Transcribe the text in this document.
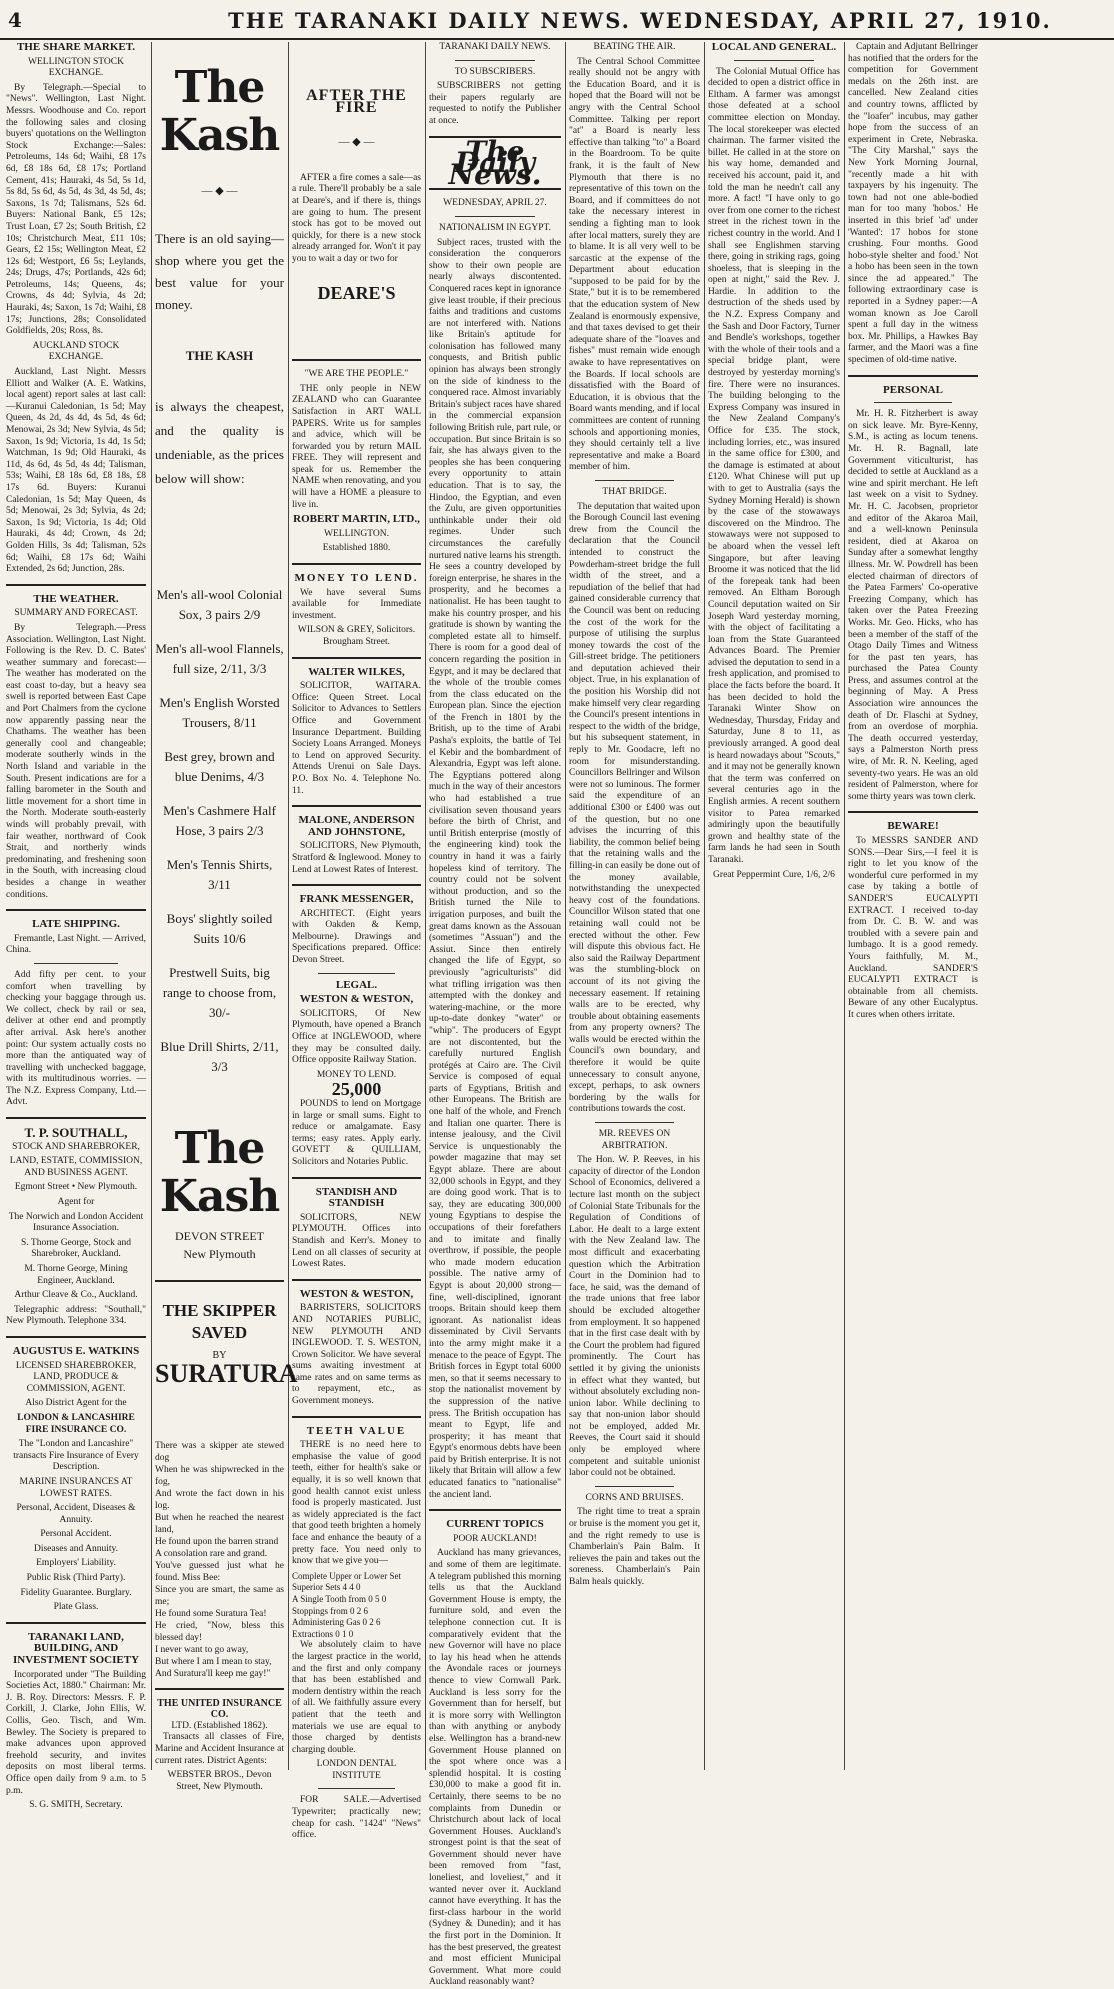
4	THE TARANAKI DAILY NEWS. WEDNESDAY, APRIL 27, 1910.

THE SHARE MARKET.

WELLINGTON STOCK EXCHANGE.

By Telegraph.—Special to "News". Wellington, Last Night. Messrs. Woodhouse and Co. report the following sales and closing buyers' quotations on the Wellington Stock Exchange:—Sales: Petroleums, 14s 6d; Waihi, £8 17s 6d, £8 18s 6d, £8 17s; Portland Cement, 41s; Hauraki, 4s 5d, 5s 1d, 5s 8d, 5s 6d, 4s 5d, 4s 3d, 4s 5d, 4s; Saxons, 1s 7d; Talismans, 52s 6d. Buyers: National Bank, £5 12s; Trust Loan, £7 2s; South British, £2 10s; Christchurch Meat, £11 10s; Gears, £2 15s; Wellington Meat, £2 12s 6d; Westport, £6 5s; Leylands, 24s; Drugs, 47s; Portlands, 42s 6d; Petroleums, 14s; Queens, 4s; Crowns, 4s 4d; Sylvia, 4s 2d; Hauraki, 4s; Saxon, 1s 7d; Waihi, £8 17s; Junctions, 28s; Consolidated Goldfields, 20s; Ross, 8s.

AUCKLAND STOCK EXCHANGE.

Auckland, Last Night. Messrs Elliott and Walker (A. E. Watkins, local agent) report sales at last call:—Kuranui Caledonian, 1s 5d; May Queen, 4s 2d, 4s 4d, 4s 5d, 4s 6d; Menowai, 2s 3d; New Sylvia, 4s 5d; Saxon, 1s 9d; Victoria, 1s 4d, 1s 5d; Watchman, 1s 9d; Old Hauraki, 4s 11d, 4s 6d, 4s 5d, 4s 4d; Talisman, 53s; Waihi, £8 18s 6d, £8 18s, £8 17s 6d. Buyers: Kuranui Caledonian, 1s 5d; May Queen, 4s 5d; Menowai, 2s 3d; Sylvia, 4s 2d; Saxon, 1s 9d; Victoria, 1s 4d; Old Hauraki, 4s 4d; Crown, 4s 2d; Golden Hills, 3s 4d; Talisman, 52s 6d; Waihi, £8 17s 6d; Waihi Extended, 2s 6d; Junction, 28s.

THE WEATHER.

SUMMARY AND FORECAST.

By Telegraph.—Press Association. Wellington, Last Night. Following is the Rev. D. C. Bates' weather summary and forecast:—The weather has moderated on the east coast to-day, but a heavy sea swell is reported between East Cape and Port Chalmers from the cyclone now apparently passing near the Chathams. The weather has been generally cool and changeable; moderate southerly winds in the North Island and variable in the South. Present indications are for a falling barometer in the South and little movement for a short time in the North. Moderate south-easterly winds will probably prevail, with fair weather, northward of Cook Strait, and northerly winds predominating, and freshening soon in the South, with increasing cloud besides a change in weather conditions.

LATE SHIPPING.

Fremantle, Last Night. — Arrived, China.

Add fifty per cent. to your comfort when travelling by checking your baggage through us. We collect, check by rail or sea, deliver at other end and promptly after arrival. Ask here's another point: Our system actually costs no more than the antiquated way of travelling with unchecked baggage, with its multitudinous worries. — The N.Z. Express Company, Ltd.—Advt.

T. P. SOUTHALL,

STOCK AND SHAREBROKER,

LAND, ESTATE, COMMISSION, AND BUSINESS AGENT.

Egmont Street • New Plymouth.

Agent for

The Norwich and London Accident Insurance Association.

S. Thorne George, Stock and Sharebroker, Auckland.

M. Thorne George, Mining Engineer, Auckland.

Arthur Cleave & Co., Auckland.

Telegraphic address: "Southall," New Plymouth. Telephone 334.

AUGUSTUS E. WATKINS

LICENSED SHAREBROKER, LAND, PRODUCE & COMMISSION, AGENT.

Also District Agent for the

LONDON & LANCASHIRE FIRE INSURANCE CO.

The "London and Lancashire" transacts Fire Insurance of Every Description.

MARINE INSURANCES AT LOWEST RATES.

Personal, Accident, Diseases & Annuity.

Personal Accident.

Diseases and Annuity.

Employers' Liability.

Public Risk (Third Party).

Fidelity Guarantee. Burglary.

Plate Glass.

TARANAKI LAND, BUILDING, AND INVESTMENT SOCIETY

Incorporated under "The Building Societies Act, 1880." Chairman: Mr. J. B. Roy. Directors: Messrs. F. P. Corkill, J. Clarke, John Ellis, W. Collis, Geo. Tisch, and Wm. Bewley. The Society is prepared to make advances upon approved freehold security, and invites deposits on most liberal terms. Office open daily from 9 a.m. to 5 p.m.

S. G. SMITH, Secretary.

The Kash
— ◆ —
There is an old saying— shop where you get the best value for your money.
THE KASH
is always the cheapest, and the quality is undeniable, as the prices below will show:
Men's all-wool Colonial Sox, 3 pairs 2/9
Men's all-wool Flannels, full size, 2/11, 3/3
Men's English Worsted Trousers, 8/11
Best grey, brown and blue Denims, 4/3
Men's Cashmere Half Hose, 3 pairs 2/3
Men's Tennis Shirts, 3/11
Boys' slightly soiled Suits 10/6
Prestwell Suits, big range to choose from, 30/-
Blue Drill Shirts, 2/11, 3/3
The Kash
DEVON STREET
New Plymouth
THE SKIPPER SAVED
BY
SURATURA
There was a skipper ate stewed dog
When he was shipwrecked in the fog,
And wrote the fact down in his log.
But when he reached the nearest land,
He found upon the barren strand
A consolation rare and grand.
You've guessed just what he found. Miss Bee:
Since you are smart, the same as me;
He found some Suratura Tea!
He cried, "Now, bless this blessed day!
I never want to go away,
But where I am I mean to stay,
And Suratura'll keep me gay!"
THE UNITED INSURANCE CO.
LTD. (Established 1862).

Transacts all classes of Fire, Marine and Accident Insurance at current rates. District Agents:

WEBSTER BROS., Devon Street, New Plymouth.
AFTER THE FIRE
— ◆ —

AFTER a fire comes a sale—as a rule. There'll probably be a sale at Deare's, and if there is, things are going to hum. The present stock has got to be moved out quickly, for there is a new stock already arranged for. Won't it pay you to wait a day or two for

DEARE'S

"WE ARE THE PEOPLE."

THE only people in NEW ZEALAND who can Guarantee Satisfaction in ART WALL PAPERS. Write us for samples and advice, which will be forwarded you by return MAIL FREE. They will represent and speak for us. Remember the NAME when renovating, and you will have a HOME a pleasure to live in.

ROBERT MARTIN, LTD.,

WELLINGTON.

Established 1880.

MONEY TO LEND.

We have several Sums available for Immediate investment.

WILSON & GREY, Solicitors. Brougham Street.

WALTER WILKES,

SOLICITOR, WAITARA. Office: Queen Street. Local Solicitor to Advances to Settlers Office and Government Insurance Department. Building Society Loans Arranged. Moneys to Lend on approved Security. Attends Urenui on Sale Days. P.O. Box No. 4. Telephone No. 11.

MALONE, ANDERSON AND JOHNSTONE,

SOLICITORS, New Plymouth, Stratford & Inglewood. Money to Lend at Lowest Rates of Interest.

FRANK MESSENGER,

ARCHITECT. (Eight years with Oakden & Kemp, Melbourne). Drawings and Specifications prepared. Office: Devon Street.

LEGAL.

WESTON & WESTON,

SOLICITORS, Of New Plymouth, have opened a Branch Office at INGLEWOOD, where they may be consulted daily. Office opposite Railway Station.

MONEY TO LEND.

25,000

POUNDS to lend on Mortgage in large or small sums. Eight to reduce or amalgamate. Easy terms; easy rates. Apply early. GOVETT & QUILLIAM, Solicitors and Notaries Public.

STANDISH AND STANDISH

SOLICITORS, NEW PLYMOUTH. Offices into Standish and Kerr's. Money to Lend on all classes of security at Lowest Rates.

WESTON & WESTON,

BARRISTERS, SOLICITORS AND NOTARIES PUBLIC, NEW PLYMOUTH AND INGLEWOOD. T. S. WESTON, Crown Solicitor. We have several sums awaiting investment at same rates and on same terms as to repayment, etc., as Government moneys.

TEETH VALUE

THERE is no need here to emphasise the value of good teeth, either for health's sake or equally, it is so well known that good health cannot exist unless food is properly masticated. Just as widely appreciated is the fact that good teeth brighten a homely face and enhance the beauty of a pretty face. You need only to know that we give you—

Complete Upper or Lower Set
Superior Sets 4 4 0
A Single Tooth from 0 5 0
Stoppings from 0 2 6
Administering Gas 0 2 6
Extractions 0 1 0

We absolutely claim to have the largest practice in the world, and the first and only company that has been established and modern dentistry within the reach of all. We faithfully assure every patient that the teeth and materials we use are equal to those charged by dentists charging double.

LONDON DENTAL INSTITUTE

FOR SALE.—Advertised Typewriter; practically new; cheap for cash. "1424" "News" office.

TARANAKI DAILY NEWS.

TO SUBSCRIBERS.

SUBSCRIBERS not getting their papers regularly are requested to notify the Publisher at once.

The Daily News.

WEDNESDAY, APRIL 27.

NATIONALISM IN EGYPT.

Subject races, trusted with the consideration the conquerors show to their own people are nearly always discontented. Conquered races kept in ignorance give least trouble, if their precious faiths and traditions and customs are not interfered with. Nations like Britain's aptitude for colonisation has followed many conquests, and British public opinion has always been strongly on the side of kindness to the conquered race. Almost invariably Britain's subject races have shared in the commercial expansion following British rule, part rule, or occupation. But since Britain is so fair, she has always given to the peoples she has been conquering every opportunity to attain education. That is to say, the Hindoo, the Egyptian, and even the Zulu, are given opportunities unthinkable under their old regimes. Under such circumstances the carefully nurtured native learns his strength. He sees a country developed by foreign enterprise, he shares in the prosperity, and he becomes a nationalist. He has been taught to make his country prosper, and his gratitude is shown by wanting the completed estate all to himself. There is room for a good deal of concern regarding the position in Egypt, and it may be declared that the whole of the trouble comes from the class educated on the European plan. Since the ejection of the French in 1801 by the British, up to the time of Arabi Pasha's exploits, the battle of Tel el Kebir and the bombardment of Alexandria, Egypt was left alone. The Egyptians pottered along much in the way of their ancestors who had established a true civilisation seven thousand years before the birth of Christ, and until British enterprise (mostly of the engineering kind) took the country in hand it was a fairly hopeless kind of territory. The country could not be solvent without production, and so the British turned the Nile to irrigation purposes, and built the great dams known as the Assouan (sometimes "Assuan") and the Assiut. Since then entirely changed the life of Egypt, so previously "agriculturists" did what trifling irrigation was then attempted with the donkey and watering-machine, or the more up-to-date donkey "water" or "whip". The producers of Egypt are not discontented, but the carefully nurtured English protégés at Cairo are. The Civil Service is composed of equal parts of Egyptians, British and other Europeans. The British are one half of the whole, and French and Italian one quarter. There is intense jealousy, and the Civil Service is unquestionably the powder magazine that may set Egypt ablaze. There are about 32,000 schools in Egypt, and they are doing good work. That is to say, they are educating 300,000 young Egyptians to despise the occupations of their forefathers and to imitate and finally overthrow, if possible, the people who made modern education possible. The native army of Egypt is about 20,000 strong—fine, well-disciplined, ignorant troops. Britain should keep them ignorant. As nationalist ideas disseminated by Civil Servants into the army might make it a menace to the peace of Egypt. The British forces in Egypt total 6000 men, so that it seems necessary to stop the nationalist movement by the suppression of the native press. The British occupation has meant to Egypt, life and prosperity; it has meant that Egypt's enormous debts have been paid by British enterprise. It is not likely that Britain will allow a few educated fanatics to "nationalise" the ancient land.

CURRENT TOPICS

POOR AUCKLAND!

Auckland has many grievances, and some of them are legitimate. A telegram published this morning tells us that the Auckland Government House is empty, the furniture sold, and even the telephone connection cut. It is comparatively evident that the new Governor will have no place to lay his head when he attends the Avondale races or journeys thence to view Cornwall Park. Auckland is less sorry for the Government than for herself, but it is more sorry with Wellington than with anything or anybody else. Wellington has a brand-new Government House planned on the spot where once was a splendid hospital. It is costing £30,000 to make a good fit in. Certainly, there seems to be no complaints from Dunedin or Christchurch about lack of local Government Houses. Auckland's strongest point is that the seat of Government should never have been removed from "fast, loneliest, and loveliest," and it wanted never over it. Auckland cannot have everything. It has the first-class harbour in the world (Sydney & Dunedin); and it has the first port in the Dominion. It has the best preserved, the greatest and most efficient Municipal Government. What more could Auckland reasonably want?

BEATING THE AIR.

The Central School Committee really should not be angry with the Education Board, and it is hoped that the Board will not be angry with the Central School Committee. Talking per report "at" a Board is nearly less effective than talking "to" a Board in the Boardroom. To be quite frank, it is the fault of New Plymouth that there is no representative of this town on the Board, and if committees do not take the necessary interest in sending a fighting man to look after local matters, surely they are to blame. It is all very well to be sarcastic at the expense of the Department about education "supposed to be paid for by the State," but it is to be remembered that the education system of New Zealand is enormously expensive, and that taxes devised to get their adequate share of the "loaves and fishes" must remain wide enough awake to have representatives on the Boards. If local schools are dissatisfied with the Board of Education, it is obvious that the Board wants mending, and if local committees are content of running schools and apportioning monies, they should certainly tell a live representative and make a Board member of him.

THAT BRIDGE.

The deputation that waited upon the Borough Council last evening drew from the Council the declaration that the Council intended to construct the Powderham-street bridge the full width of the street, and a repudiation of the belief that had gained considerable currency that the Council was bent on reducing the cost of the work for the purpose of utilising the surplus money towards the cost of the Gill-street bridge. The petitioners and deputation achieved their object. True, in his explanation of the position his Worship did not make himself very clear regarding the Council's present intentions in respect to the width of the bridge, but his subsequent statement, in reply to Mr. Goodacre, left no room for misunderstanding. Councillors Bellringer and Wilson were not so luminous. The former said the expenditure of an additional £300 or £400 was out of the question, but no one advises the incurring of this liability, the common belief being that the retaining walls and the filling-in can easily be done out of the money available, notwithstanding the unexpected heavy cost of the foundations. Councillor Wilson stated that one retaining wall could not be erected without the other. Few will dispute this obvious fact. He also said the Railway Department was the stumbling-block on account of its not giving the necessary easement. If retaining walls are to be erected, why trouble about obtaining easements from any property owners? The walls would be erected within the Council's own boundary, and therefore it would be quite unnecessary to consult anyone, except, perhaps, to ask owners bordering by the walls for contributions towards the cost.

MR. REEVES ON ARBITRATION.

The Hon. W. P. Reeves, in his capacity of director of the London School of Economics, delivered a lecture last month on the subject of Colonial State Tribunals for the Regulation of Conditions of Labor. He dealt to a large extent with the New Zealand law. The most difficult and exacerbating question which the Arbitration Court in the Dominion had to face, he said, was the demand of the trade unions that free labor should be excluded altogether from employment. It so happened that in the first case dealt with by the Court the problem had figured prominently. The Court has settled it by giving the unionists in effect what they wanted, but without absolutely excluding non-union labor. While declining to say that non-union labor should not be employed, added Mr. Reeves, the Court said it should only be employed where competent and suitable unionist labor could not be obtained.

CORNS AND BRUISES.

The right time to treat a sprain or bruise is the moment you get it, and the right remedy to use is Chamberlain's Pain Balm. It relieves the pain and takes out the soreness. Chamberlain's Pain Balm heals quickly.

LOCAL AND GENERAL.

The Colonial Mutual Office has decided to open a district office in Eltham. A farmer was amongst those defeated at a school committee election on Monday. The local storekeeper was elected chairman. The farmer visited the billet. He called in at the store on his way home, demanded and received his account, paid it, and told the man he needn't call any more. A fact! "I have only to go over from one corner to the richest street in the richest town in the richest country in the world. And I shall see Englishmen starving there, going in striking rags, going shoeless, that is sleeping in the open at night," said the Rev. J. Hardie. In addition to the destruction of the sheds used by the N.Z. Express Company and the Sash and Door Factory, Turner and Bendle's workshops, together with the whole of their tools and a special bridge plant, were destroyed by yesterday morning's fire. There were no insurances. The building belonging to the Express Company was insured in the New Zealand Company's Office for £35. The stock, including lorries, etc., was insured in the same office for £300, and the damage is estimated at about £120. What Chinese will put up with to get to Australia (says the Sydney Morning Herald) is shown by the case of the stowaways discovered on the Mindroo. The stowaways were not supposed to be aboard when the vessel left Singapore, but after leaving Broome it was noticed that the lid of the forepeak tank had been removed. An Eltham Borough Council deputation waited on Sir Joseph Ward yesterday morning, with the object of facilitating a loan from the State Guaranteed Advances Board. The Premier advised the deputation to send in a fresh application, and promised to place the facts before the board. It has been decided to hold the Taranaki Winter Show on Wednesday, Thursday, Friday and Saturday, June 8 to 11, as previously arranged. A good deal is heard nowadays about "Scouts," and it may not be generally known that the term was conferred on several centuries ago in the English armies. A recent southern visitor to Patea remarked admiringly upon the beautifully grown and healthy state of the farm lands he had seen in South Taranaki.

Great Peppermint Cure, 1/6, 2/6

Captain and Adjutant Bellringer has notified that the orders for the competition for Government medals on the 26th inst. are cancelled. New Zealand cities and country towns, afflicted by the "loafer" incubus, may gather hope from the success of an experiment in Crete, Nebraska. "The City Marshal," says the New York Morning Journal, "recently made a hit with taxpayers by his ingenuity. The town had not one able-bodied man for too many 'hobos.' He inserted in this brief 'ad' under 'Wanted': 17 hobos for stone crushing. Four months. Good hobo-style shelter and food.' Not a hobo has been seen in the town since the ad appeared." The following extraordinary case is reported in a Sydney paper:—A woman known as Joe Caroll spent a full day in the witness box. Mr. Phillips, a Hawkes Bay farmer, and the Maori was a fine specimen of old-time native.

PERSONAL

Mr. H. R. Fitzherbert is away on sick leave. Mr. Byre-Kenny, S.M., is acting as locum tenens. Mr. H. R. Bagnall, late Government viticulturist, has decided to settle at Auckland as a wine and spirit merchant. He left last week on a visit to Sydney. Mr. H. C. Jacobsen, proprietor and editor of the Akaroa Mail, and a well-known Peninsula resident, died at Akaroa on Sunday after a somewhat lengthy illness. Mr. W. Powdrell has been elected chairman of directors of the Patea Farmers' Co-operative Freezing Company, which has taken over the Patea Freezing Works. Mr. Geo. Hicks, who has been a member of the staff of the Otago Daily Times and Witness for the past ten years, has purchased the Patea County Press, and assumes control at the beginning of May. A Press Association wire announces the death of Dr. Flaschi at Sydney, from an overdose of morphia. The death occurred yesterday, says a Palmerston North press wire, of Mr. R. N. Keeling, aged seventy-two years. He was an old resident of Palmerston, where for some thirty years was town clerk.

BEWARE!

To MESSRS SANDER AND SONS.—Dear Sirs,—I feel it is right to let you know of the wonderful cure performed in my case by taking a bottle of SANDER'S EUCALYPTI EXTRACT. I received to-day from Dr. C. B. W. and was troubled with a severe pain and lumbago. It is a good remedy. Yours faithfully, M. M., Auckland. SANDER'S EUCALYPTI EXTRACT is obtainable from all chemists. Beware of any other Eucalyptus. It cures when others irritate.
